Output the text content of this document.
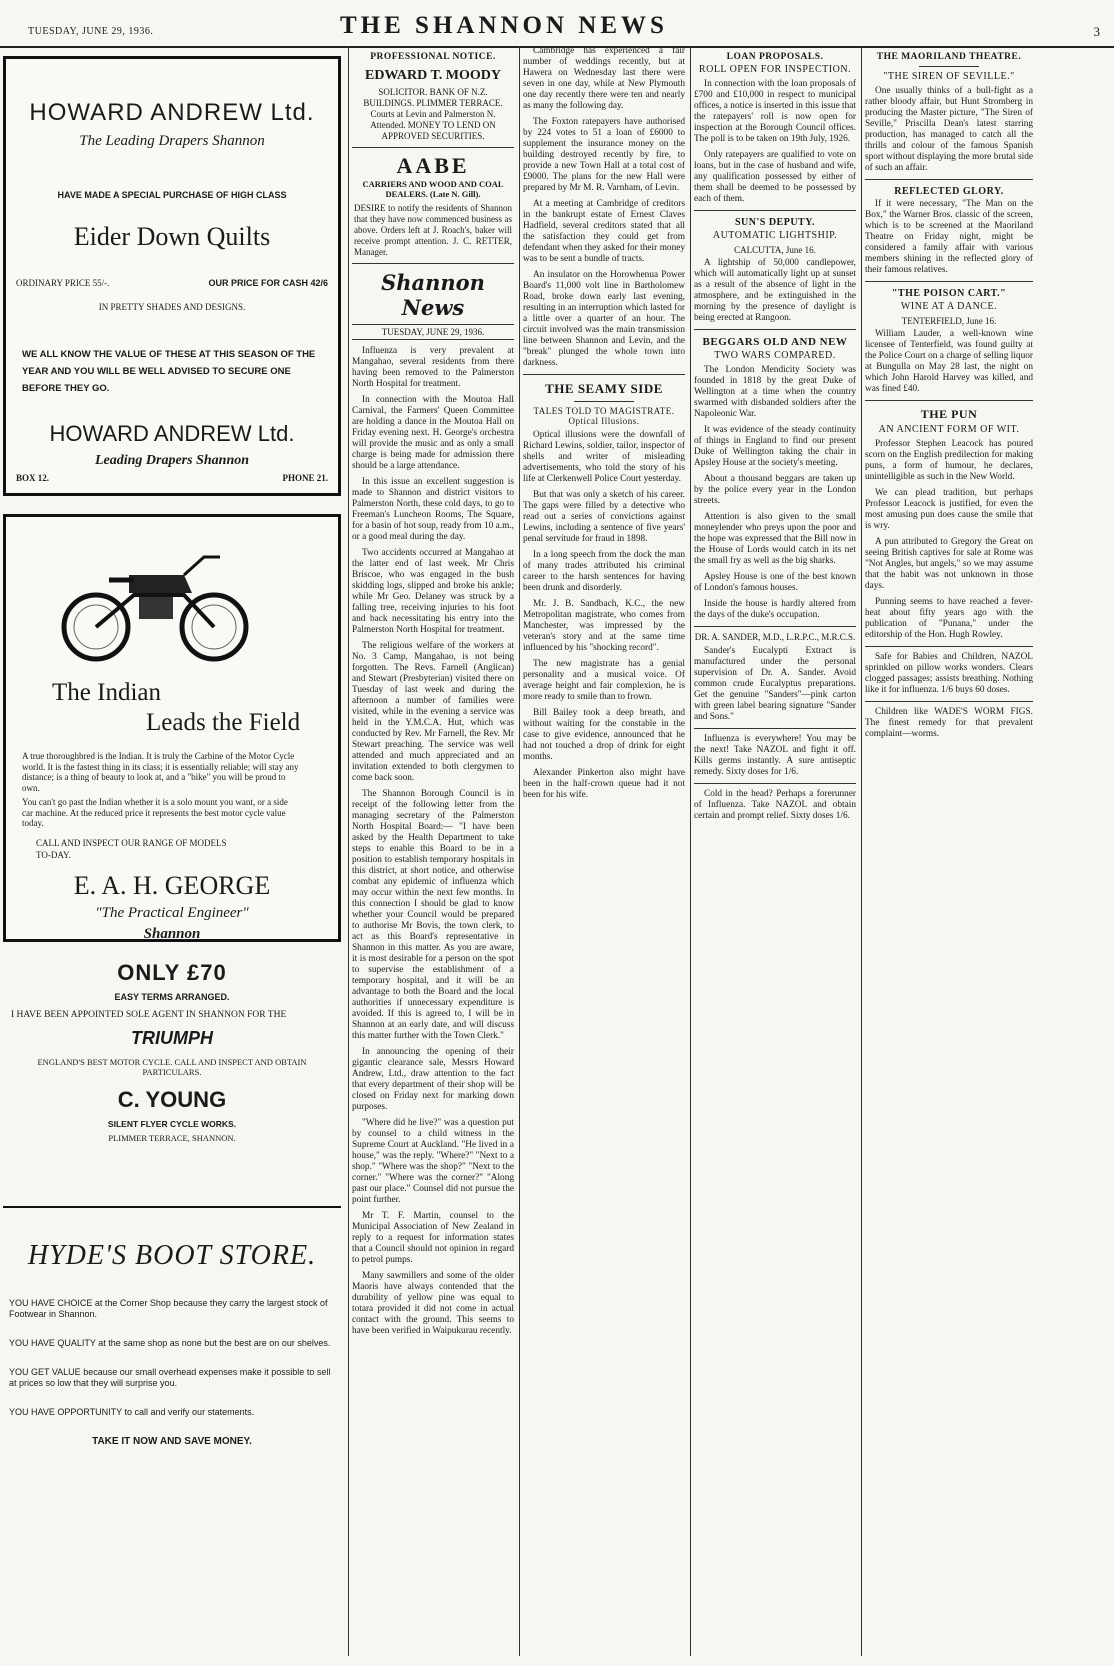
TUESDAY, JUNE 29, 1936.	THE SHANNON NEWS	3
HOWARD ANDREW Ltd.
The Leading Drapers Shannon
HAVE MADE A SPECIAL PURCHASE OF HIGH CLASS
Eider Down Quilts
ORDINARY PRICE 55/-.	OUR PRICE FOR CASH 42/6
IN PRETTY SHADES AND DESIGNS.
WE ALL KNOW THE VALUE OF THESE AT THIS SEASON OF THE YEAR AND YOU WILL BE WELL ADVISED TO SECURE ONE BEFORE THEY GO.
HOWARD ANDREW Ltd.
Leading Drapers Shannon
BOX 12.	PHONE 21.
The Indian
Leads the Field
A true thoroughbred is the Indian. It is truly the Carbine of the Motor Cycle world. It is the fastest thing in its class; it is essentially reliable; will stay any distance; is a thing of beauty to look at, and a "bike" you will be proud to own.
You can't go past the Indian whether it is a solo mount you want, or a side car machine. At the reduced price it represents the best motor cycle value today.
CALL AND INSPECT OUR RANGE OF MODELS TO-DAY.
E. A. H. GEORGE
"The Practical Engineer"
Shannon
ONLY £70
EASY TERMS ARRANGED.
I HAVE BEEN APPOINTED SOLE AGENT IN SHANNON FOR THE
TRIUMPH
ENGLAND'S BEST MOTOR CYCLE. CALL AND INSPECT AND OBTAIN PARTICULARS.
C. YOUNG
SILENT FLYER CYCLE WORKS.
PLIMMER TERRACE, SHANNON.
HYDE'S BOOT STORE.
YOU HAVE CHOICE at the Corner Shop because they carry the largest stock of Footwear in Shannon.
YOU HAVE QUALITY at the same shop as none but the best are on our shelves.
YOU GET VALUE because our small overhead expenses make it possible to sell at prices so low that they will surprise you.
YOU HAVE OPPORTUNITY to call and verify our statements.
TAKE IT NOW AND SAVE MONEY.
PROFESSIONAL NOTICE.
EDWARD T. MOODY
SOLICITOR. BANK OF N.Z. BUILDINGS. PLIMMER TERRACE. Courts at Levin and Palmerston N. Attended. MONEY TO LEND ON APPROVED SECURITIES.
AABE
CARRIERS AND WOOD AND COAL DEALERS. (Late N. Gill).
DESIRE to notify the residents of Shannon that they have now commenced business as above. Orders left at J. Roach's, baker will receive prompt attention. J. C. RETTER, Manager.
Shannon News
TUESDAY, JUNE 29, 1936.

Influenza is very prevalent at Mangahao, several residents from there having been removed to the Palmerston North Hospital for treatment.

In connection with the Moutoa Hall Carnival, the Farmers' Queen Committee are holding a dance in the Moutoa Hall on Friday evening next. H. George's orchestra will provide the music and as only a small charge is being made for admission there should be a large attendance.

In this issue an excellent suggestion is made to Shannon and district visitors to Palmerston North, these cold days, to go to Freeman's Luncheon Rooms, The Square, for a basin of hot soup, ready from 10 a.m., or a good meal during the day.

Two accidents occurred at Mangahao at the latter end of last week. Mr Chris Briscoe, who was engaged in the bush skidding logs, slipped and broke his ankle; while Mr Geo. Delaney was struck by a falling tree, receiving injuries to his foot and back necessitating his entry into the Palmerston North Hospital for treatment.

The religious welfare of the workers at No. 3 Camp, Mangahao, is not being forgotten. The Revs. Farnell (Anglican) and Stewart (Presbyterian) visited there on Tuesday of last week and during the afternoon a number of families were visited, while in the evening a service was held in the Y.M.C.A. Hut, which was conducted by Rev. Mr Farnell, the Rev. Mr Stewart preaching. The service was well attended and much appreciated and an invitation extended to both clergymen to come back soon.

The Shannon Borough Council is in receipt of the following letter from the managing secretary of the Palmerston North Hospital Board:— "I have been asked by the Health Department to take steps to enable this Board to be in a position to establish temporary hospitals in this district, at short notice, and otherwise combat any epidemic of influenza which may occur within the next few months. In this connection I should be glad to know whether your Council would be prepared to authorise Mr Bovis, the town clerk, to act as this Board's representative in Shannon in this matter. As you are aware, it is most desirable for a person on the spot to supervise the establishment of a temporary hospital, and it will be an advantage to both the Board and the local authorities if unnecessary expenditure is avoided. If this is agreed to, I will be in Shannon at an early date, and will discuss this matter further with the Town Clerk."

In announcing the opening of their gigantic clearance sale, Messrs Howard Andrew, Ltd., draw attention to the fact that every department of their shop will be closed on Friday next for marking down purposes.

"Where did he live?" was a question put by counsel to a child witness in the Supreme Court at Auckland. "He lived in a house," was the reply. "Where?" "Next to a shop." "Where was the shop?" "Next to the corner." "Where was the corner?" "Along past our place." Counsel did not pursue the point further.

Mr T. F. Martin, counsel to the Municipal Association of New Zealand in reply to a request for information states that a Council should not opinion in regard to petrol pumps.

Many sawmillers and some of the older Maoris have always contended that the durability of yellow pine was equal to totara provided it did not come in actual contact with the ground. This seems to have been verified in Waipukurau recently.

Cambridge has experienced a fair number of weddings recently, but at Hawera on Wednesday last there were seven in one day, while at New Plymouth one day recently there were ten and nearly as many the following day.

The Foxton ratepayers have authorised by 224 votes to 51 a loan of £6000 to supplement the insurance money on the building destroyed recently by fire, to provide a new Town Hall at a total cost of £9000. The plans for the new Hall were prepared by Mr M. R. Varnham, of Levin.

At a meeting at Cambridge of creditors in the bankrupt estate of Ernest Claves Hadfield, several creditors stated that all the satisfaction they could get from defendant when they asked for their money was to be sent a bundle of tracts.

An insulator on the Horowhenua Power Board's 11,000 volt line in Bartholomew Road, broke down early last evening, resulting in an interruption which lasted for a little over a quarter of an hour. The circuit involved was the main transmission line between Shannon and Levin, and the "break" plunged the whole town into darkness.

THE SEAMY SIDE
TALES TOLD TO MAGISTRATE. Optical Illusions.

Optical illusions were the downfall of Richard Lewins, soldier, tailor, inspector of shells and writer of misleading advertisements, who told the story of his life at Clerkenwell Police Court yesterday.

But that was only a sketch of his career. The gaps were filled by a detective who read out a series of convictions against Lewins, including a sentence of five years' penal servitude for fraud in 1898.

In a long speech from the dock the man of many trades attributed his criminal career to the harsh sentences for having been drunk and disorderly.

Mr. J. B. Sandbach, K.C., the new Metropolitan magistrate, who comes from Manchester, was impressed by the veteran's story and at the same time influenced by his "shocking record".

The new magistrate has a genial personality and a musical voice. Of average height and fair complexion, he is more ready to smile than to frown.

Bill Bailey took a deep breath, and without waiting for the constable in the case to give evidence, announced that he had not touched a drop of drink for eight months.

Alexander Pinkerton also might have been in the half-crown queue had it not been for his wife.

LOAN PROPOSALS.
ROLL OPEN FOR INSPECTION.

In connection with the loan proposals of £700 and £10,000 in respect to municipal offices, a notice is inserted in this issue that the ratepayers' roll is now open for inspection at the Borough Council offices. The poll is to be taken on 19th July, 1926.

Only ratepayers are qualified to vote on loans, but in the case of husband and wife, any qualification possessed by either of them shall be deemed to be possessed by each of them.

SUN'S DEPUTY.
AUTOMATIC LIGHTSHIP.
CALCUTTA, June 16.
A lightship of 50,000 candlepower, which will automatically light up at sunset as a result of the absence of light in the atmosphere, and be extinguished in the morning by the presence of daylight is being erected at Rangoon.
BEGGARS OLD AND NEW
TWO WARS COMPARED.

The London Mendicity Society was founded in 1818 by the great Duke of Wellington at a time when the country swarmed with disbanded soldiers after the Napoleonic War.

It was evidence of the steady continuity of things in England to find our present Duke of Wellington taking the chair in Apsley House at the society's meeting.

About a thousand beggars are taken up by the police every year in the London streets.

Attention is also given to the small moneylender who preys upon the poor and the hope was expressed that the Bill now in the House of Lords would catch in its net the small fry as well as the big sharks.

Apsley House is one of the best known of London's famous houses.

Inside the house is hardly altered from the days of the duke's occupation.

DR. A. SANDER, M.D., L.R.P.C., M.R.C.S.
Sander's Eucalypti Extract is manufactured under the personal supervision of Dr. A. Sander. Avoid common crude Eucalyptus preparations. Get the genuine "Sanders"—pink carton with green label bearing signature "Sander and Sons."
Influenza is everywhere! You may be the next! Take NAZOL and fight it off. Kills germs instantly. A sure antiseptic remedy. Sixty doses for 1/6.
Cold in the head? Perhaps a forerunner of Influenza. Take NAZOL and obtain certain and prompt relief. Sixty doses 1/6.
THE MAORILAND THEATRE.
"THE SIREN OF SEVILLE."
One usually thinks of a bull-fight as a rather bloody affair, but Hunt Stromberg in producing the Master picture, "The Siren of Seville," Priscilla Dean's latest starring production, has managed to catch all the thrills and colour of the famous Spanish sport without displaying the more brutal side of such an affair.
REFLECTED GLORY.
If it were necessary, "The Man on the Box," the Warner Bros. classic of the screen, which is to be screened at the Maoriland Theatre on Friday night, might be considered a family affair with various members shining in the reflected glory of their famous relatives.
"THE POISON CART."
WINE AT A DANCE.
TENTERFIELD, June 16.
William Lauder, a well-known wine licensee of Tenterfield, was found guilty at the Police Court on a charge of selling liquor at Bungulla on May 28 last, the night on which John Harold Harvey was killed, and was fined £40.
THE PUN
AN ANCIENT FORM OF WIT.

Professor Stephen Leacock has poured scorn on the English predilection for making puns, a form of humour, he declares, unintelligible as such in the New World.

We can plead tradition, but perhaps Professor Leacock is justified, for even the most amusing pun does cause the smile that is wry.

A pun attributed to Gregory the Great on seeing British captives for sale at Rome was "Not Angles, but angels," so we may assume that the habit was not unknown in those days.

Punning seems to have reached a fever-heat about fifty years ago with the publication of "Punana," under the editorship of the Hon. Hugh Rowley.

Safe for Babies and Children, NAZOL sprinkled on pillow works wonders. Clears clogged passages; assists breathing. Nothing like it for influenza. 1/6 buys 60 doses.
Children like WADE'S WORM FIGS. The finest remedy for that prevalent complaint—worms.
